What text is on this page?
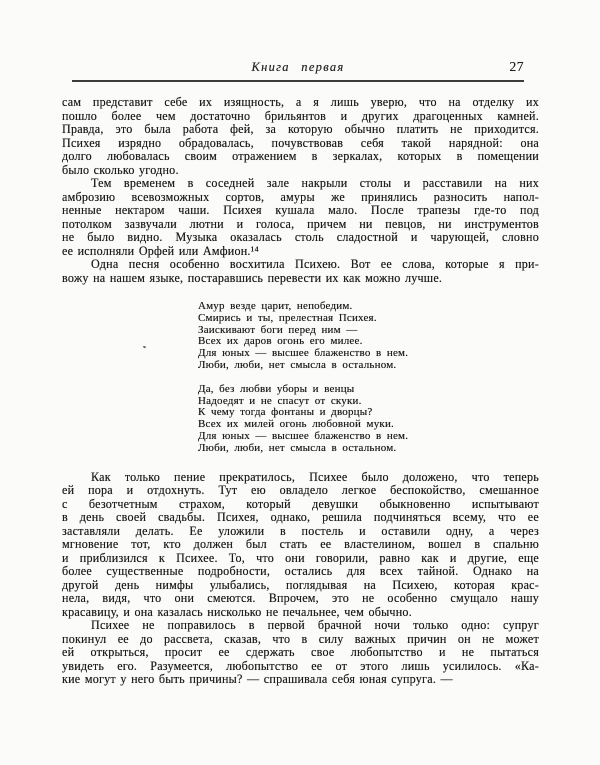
Книга первая	27
сам представит себе их изящность, а я лишь уверю, что на отделку их
пошло более чем достаточно брильянтов и других драгоценных камней.
Правда, это была работа фей, за которую обычно платить не приходится.
Психея изрядно обрадовалась, почувствовав себя такой нарядной: она
долго любовалась своим отражением в зеркалах, которых в помещении
было сколько угодно.
Тем временем в соседней зале накрыли столы и расставили на них
амброзию всевозможных сортов, амуры же принялись разносить напол-
ненные нектаром чаши. Психея кушала мало. После трапезы где-то под
потолком зазвучали лютни и голоса, причем ни певцов, ни инструментов
не было видно. Музыка оказалась столь сладостной и чарующей, словно
ее исполняли Орфей или Амфион.¹⁴
Одна песня особенно восхитила Психею. Вот ее слова, которые я при-
вожу на нашем языке, постаравшись перевести их как можно лучше.
Амур везде царит, непобедим.
Смирись и ты, прелестная Психея.
Заискивают боги перед ним —
Всех их даров огонь его милее.
Для юных — высшее блаженство в нем.
Люби, люби, нет смысла в остальном.
Да, без любви уборы и венцы
Надоедят и не спасут от скуки.
К чему тогда фонтаны и дворцы?
Всех их милей огонь любовной муки.
Для юных — высшее блаженство в нем.
Люби, люби, нет смысла в остальном.
Как только пение прекратилось, Психее было доложено, что теперь
ей пора и отдохнуть. Тут ею овладело легкое беспокойство, смешанное
с безотчетным страхом, который девушки обыкновенно испытывают
в день своей свадьбы. Психея, однако, решила подчиняться всему, что ее
заставляли делать. Ее уложили в постель и оставили одну, а через
мгновение тот, кто должен был стать ее властелином, вошел в спальню
и приблизился к Психее. То, что они говорили, равно как и другие, еще
более существенные подробности, остались для всех тайной. Однако на
другой день нимфы улыбались, поглядывая на Психею, которая крас-
нела, видя, что они смеются. Впрочем, это не особенно смущало нашу
красавицу, и она казалась нисколько не печальнее, чем обычно.
Психее не поправилось в первой брачной ночи только одно: супруг
покинул ее до рассвета, сказав, что в силу важных причин он не может
ей открыться, просит ее сдержать свое любопытство и не пытаться
увидеть его. Разумеется, любопытство ее от этого лишь усилилось. «Ка-
кие могут у него быть причины? — спрашивала себя юная супруга. —
